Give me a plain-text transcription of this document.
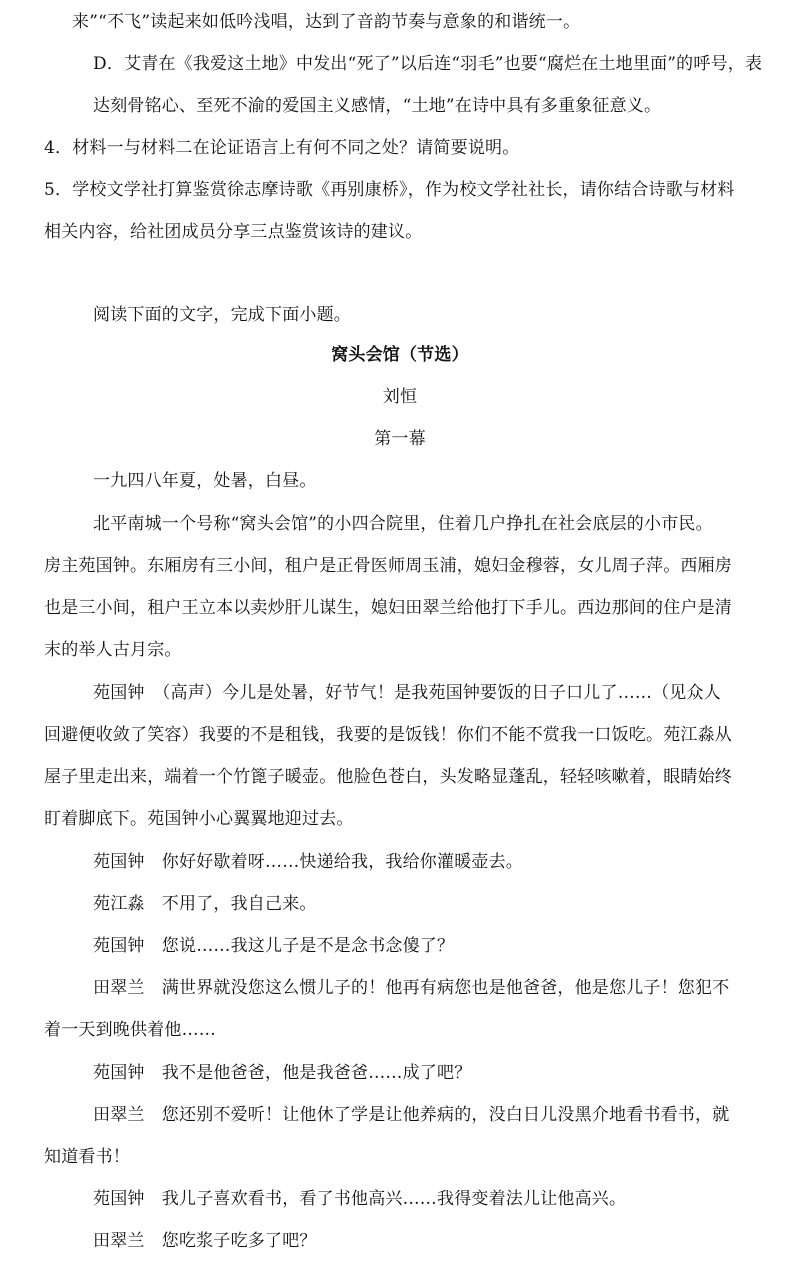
来”“不飞”读起来如低吟浅唱，达到了音韵节奏与意象的和谐统一。
D．艾青在《我爱这土地》中发出“死了”以后连“羽毛”也要“腐烂在土地里面”的呼号，表
达刻骨铭心、至死不渝的爱国主义感情，“土地”在诗中具有多重象征意义。
4．材料一与材料二在论证语言上有何不同之处？请简要说明。
5．学校文学社打算鉴赏徐志摩诗歌《再别康桥》，作为校文学社社长，请你结合诗歌与材料
相关内容，给社团成员分享三点鉴赏该诗的建议。
阅读下面的文字，完成下面小题。
窝头会馆（节选）
刘恒
第一幕
一九四八年夏，处暑，白昼。
北平南城一个号称“窝头会馆”的小四合院里，住着几户挣扎在社会底层的小市民。
房主苑国钟。东厢房有三小间，租户是正骨医师周玉浦，媳妇金穆蓉，女儿周子萍。西厢房
也是三小间，租户王立本以卖炒肝儿谋生，媳妇田翠兰给他打下手儿。西边那间的住户是清
末的举人古月宗。
苑国钟　（高声）今儿是处暑，好节气！是我苑国钟要饭的日子口儿了……（见众人
回避便收敛了笑容）我要的不是租钱，我要的是饭钱！你们不能不赏我一口饭吃。苑江淼从
屋子里走出来，端着一个竹篦子暖壶。他脸色苍白，头发略显蓬乱，轻轻咳嗽着，眼睛始终
盯着脚底下。苑国钟小心翼翼地迎过去。
苑国钟　你好好歇着呀……快递给我，我给你灌暖壶去。
苑江淼　不用了，我自己来。
苑国钟　您说……我这儿子是不是念书念傻了？
田翠兰　满世界就没您这么惯儿子的！他再有病您也是他爸爸，他是您儿子！您犯不
着一天到晚供着他……
苑国钟　我不是他爸爸，他是我爸爸……成了吧？
田翠兰　您还别不爱听！让他休了学是让他养病的，没白日儿没黑介地看书看书，就
知道看书！
苑国钟　我儿子喜欢看书，看了书他高兴……我得变着法儿让他高兴。
田翠兰　您吃浆子吃多了吧？
